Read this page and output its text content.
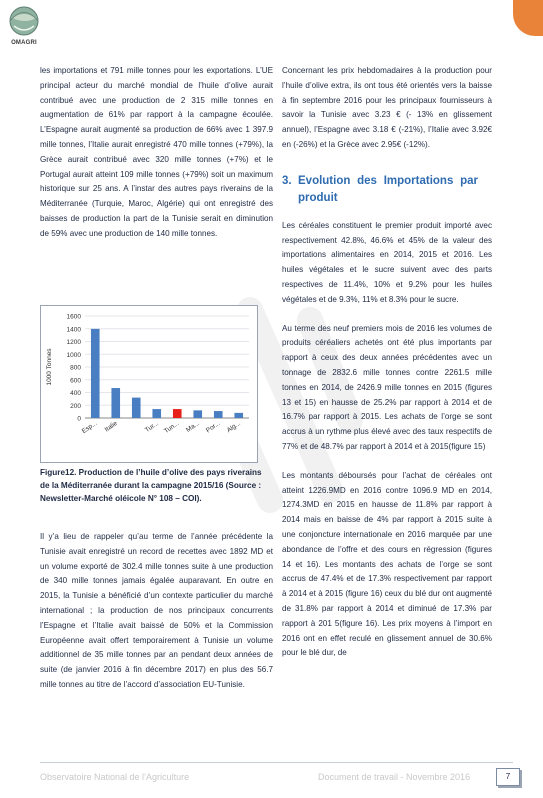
OMAGRI

les importations et 791 mille tonnes pour les exportations. L’UE principal acteur du marché mondial de l’huile d’olive aurait contribué avec une production de 2 315 mille tonnes en augmentation de 61% par rapport à la campagne écoulée. L’Espagne aurait augmenté sa production de 66% avec 1 397.9 mille tonnes, l’Italie aurait enregistré 470 mille tonnes (+79%), la Grèce aurait contribué avec 320 mille tonnes (+7%) et le Portugal aurait atteint 109 mille tonnes (+79%) soit un maximum historique sur 25 ans. A l’instar des autres pays riverains de la Méditerranée (Turquie, Maroc, Algérie) qui ont enregistré des baisses de production la part de la Tunisie serait en diminution de 59% avec une production de 140 mille tonnes.

0
200
400
600
800
1000
1200
1400
1600
1000 Tonnes
Esp... Italie	Tur... Tun... Ma... Por... Alg...
Figure12. Production de l’huile d’olive des pays riverains de la Méditerranée durant la campagne 2015/16 (Source : Newsletter-Marché oléicole N° 108 – COI).

Il y’a lieu de rappeler qu’au terme de l’année précédente la Tunisie avait enregistré un record de recettes avec 1892 MD et un volume exporté de 302.4 mille tonnes suite à une production de 340 mille tonnes jamais égalée auparavant. En outre en 2015, la Tunisie a bénéficié d’un contexte particulier du marché international ; la production de nos principaux concurrents l’Espagne et l’Italie avait baissé de 50% et la Commission Européenne avait offert temporairement à Tunisie un volume additionnel de 35 mille tonnes par an pendant deux années de suite (de janvier 2016 à fin décembre 2017) en plus des 56.7 mille tonnes au titre de l’accord d’association EU-Tunisie.

Concernant les prix hebdomadaires à la production pour l’huile d’olive extra, ils ont tous été orientés vers la baisse à fin septembre 2016 pour les principaux fournisseurs à savoir la Tunisie avec 3.23 € (- 13% en glissement annuel), l’Espagne avec 3.18 € (-21%), l’Italie avec 3.92€ en (-26%) et la Grèce avec 2.95€ (-12%).

3. Evolution des Importations par produit

Les céréales constituent le premier produit importé avec respectivement 42.8%, 46.6% et 45% de la valeur des importations alimentaires en 2014, 2015 et 2016. Les huiles végétales et le sucre suivent avec des parts respectives de 11.4%, 10% et 9.2% pour les huiles végétales et de 9.3%, 11% et 8.3% pour le sucre.

Au terme des neuf premiers mois de 2016 les volumes de produits céréaliers achetés ont été plus importants par rapport à ceux des deux années précédentes avec un tonnage de 2832.6 mille tonnes contre 2261.5 mille tonnes en 2014, de 2426.9 mille tonnes en 2015 (figures 13 et 15) en hausse de 25.2% par rapport à 2014 et de 16.7% par rapport à 2015. Les achats de l’orge se sont accrus à un rythme plus élevé avec des taux respectifs de 77% et de 48.7% par rapport à 2014 et à 2015(figure 15)

Les montants déboursés pour l’achat de céréales ont atteint 1226.9MD en 2016 contre 1096.9 MD en 2014, 1274.3MD en 2015 en hausse de 11.8% par rapport à 2014 mais en baisse de 4% par rapport à 2015 suite à une conjoncture internationale en 2016 marquée par une abondance de l’offre et des cours en régression (figures 14 et 16). Les montants des achats de l’orge se sont accrus de 47.4% et de 17.3% respectivement par rapport à 2014 et à 2015 (figure 16) ceux du blé dur ont augmenté de 31.8% par rapport à 2014 et diminué de 17.3% par rapport à 201 5(figure 16). Les prix moyens à l’import en 2016 ont en effet reculé en glissement annuel de 30.6% pour le blé dur, de

Observatoire National de l’Agriculture	Document de travail - Novembre 2016	7
